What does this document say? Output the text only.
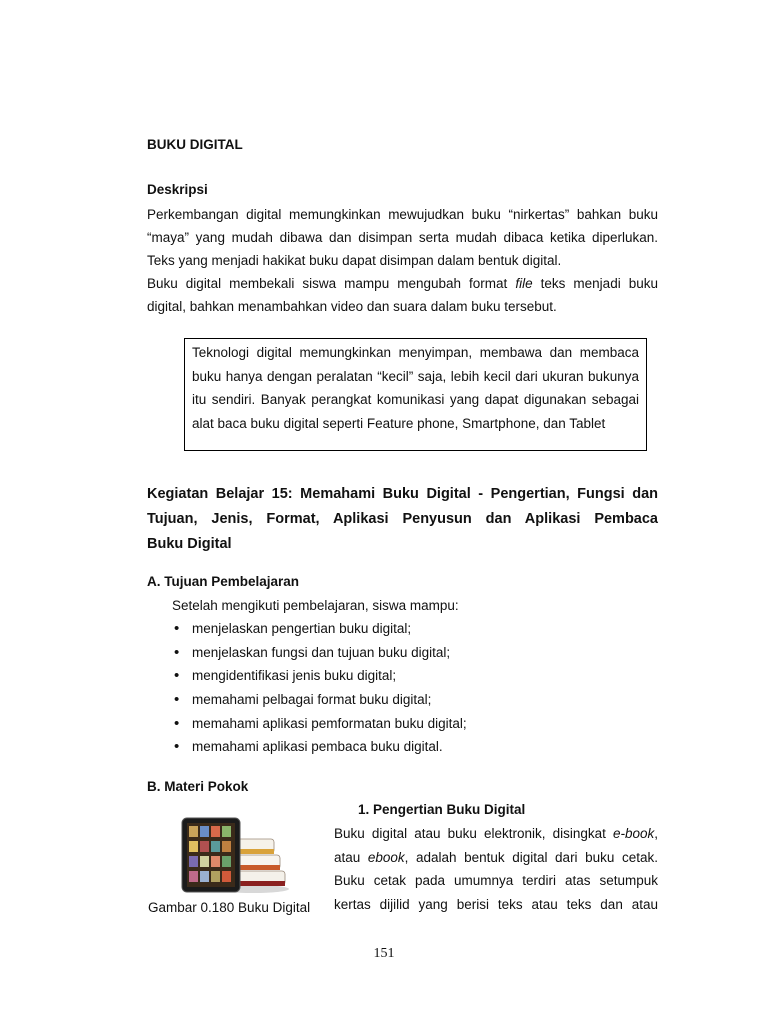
BUKU DIGITAL
Deskripsi
Perkembangan digital memungkinkan mewujudkan buku “nirkertas” bahkan buku
“maya” yang mudah dibawa dan disimpan serta mudah dibaca ketika diperlukan.
Teks yang menjadi hakikat buku dapat disimpan dalam bentuk digital.
Buku digital membekali siswa mampu mengubah format file teks menjadi buku
digital, bahkan menambahkan video dan suara dalam buku tersebut.
Teknologi digital memungkinkan menyimpan, membawa dan membaca buku hanya dengan peralatan “kecil” saja, lebih kecil dari ukuran bukunya itu sendiri. Banyak perangkat komunikasi yang dapat digunakan sebagai alat baca buku digital seperti Feature phone, Smartphone, dan Tablet
Kegiatan Belajar 15: Memahami Buku Digital - Pengertian, Fungsi dan
Tujuan, Jenis, Format, Aplikasi Penyusun dan Aplikasi Pembaca
Buku Digital
A. Tujuan Pembelajaran
Setelah mengikuti pembelajaran, siswa mampu:
• menjelaskan pengertian buku digital;
• menjelaskan fungsi dan tujuan buku digital;
• mengidentifikasi jenis buku digital;
• memahami pelbagai format buku digital;
• memahami aplikasi pemformatan buku digital;
• memahami aplikasi pembaca buku digital.
B. Materi Pokok
1. Pengertian Buku Digital
Buku digital atau buku elektronik, disingkat e-book,
atau ebook, adalah bentuk digital dari buku cetak.
Buku cetak pada umumnya terdiri atas setumpuk
kertas dijilid yang berisi teks atau teks dan atau
Gambar 0.180 Buku Digital
151
